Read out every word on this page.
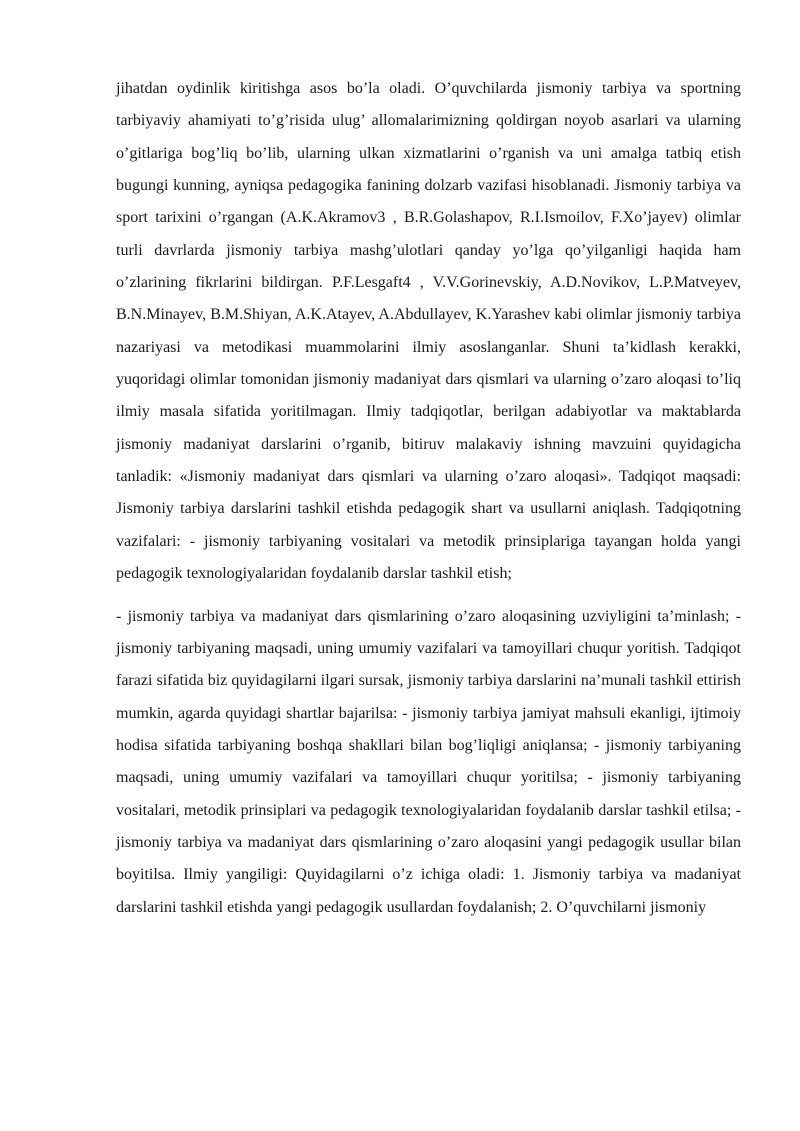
jihatdan oydinlik kiritishga asos bo’la oladi. O’quvchilarda jismoniy tarbiya va sportning tarbiyaviy ahamiyati to’g’risida ulug’ allomalarimizning qoldirgan noyob asarlari va ularning o’gitlariga bog’liq bo’lib, ularning ulkan xizmatlarini o’rganish va uni amalga tatbiq etish bugungi kunning, ayniqsa pedagogika fanining dolzarb vazifasi hisoblanadi. Jismoniy tarbiya va sport tarixini o’rgangan (A.K.Akramov3 , B.R.Golashapov, R.I.Ismoilov, F.Xo’jayev) olimlar turli davrlarda jismoniy tarbiya mashg’ulotlari qanday yo’lga qo’yilganligi haqida ham o’zlarining fikrlarini bildirgan. P.F.Lesgaft4 , V.V.Gorinevskiy, A.D.Novikov, L.P.Matveyev, B.N.Minayev, B.M.Shiyan, A.K.Atayev, A.Abdullayev, K.Yarashev kabi olimlar jismoniy tarbiya nazariyasi va metodikasi muammolarini ilmiy asoslanganlar. Shuni ta’kidlash kerakki, yuqoridagi olimlar tomonidan jismoniy madaniyat dars qismlari va ularning o’zaro aloqasi to’liq ilmiy masala sifatida yoritilmagan. Ilmiy tadqiqotlar, berilgan adabiyotlar va maktablarda jismoniy madaniyat darslarini o’rganib, bitiruv malakaviy ishning mavzuini quyidagicha tanladik: «Jismoniy madaniyat dars qismlari va ularning o’zaro aloqasi». Tadqiqot maqsadi: Jismoniy tarbiya darslarini tashkil etishda pedagogik shart va usullarni aniqlash. Tadqiqotning vazifalari: - jismoniy tarbiyaning vositalari va metodik prinsiplariga tayangan holda yangi pedagogik texnologiyalaridan foydalanib darslar tashkil etish;

- jismoniy tarbiya va madaniyat dars qismlarining o’zaro aloqasining uzviyligini ta’minlash; - jismoniy tarbiyaning maqsadi, uning umumiy vazifalari va tamoyillari chuqur yoritish. Tadqiqot farazi sifatida biz quyidagilarni ilgari sursak, jismoniy tarbiya darslarini na’munali tashkil ettirish mumkin, agarda quyidagi shartlar bajarilsa: - jismoniy tarbiya jamiyat mahsuli ekanligi, ijtimoiy hodisa sifatida tarbiyaning boshqa shakllari bilan bog’liqligi aniqlansa; - jismoniy tarbiyaning maqsadi, uning umumiy vazifalari va tamoyillari chuqur yoritilsa; - jismoniy tarbiyaning vositalari, metodik prinsiplari va pedagogik texnologiyalaridan foydalanib darslar tashkil etilsa; - jismoniy tarbiya va madaniyat dars qismlarining o’zaro aloqasini yangi pedagogik usullar bilan boyitilsa. Ilmiy yangiligi: Quyidagilarni o’z ichiga oladi: 1. Jismoniy tarbiya va madaniyat darslarini tashkil etishda yangi pedagogik usullardan foydalanish; 2. O’quvchilarni jismoniy
